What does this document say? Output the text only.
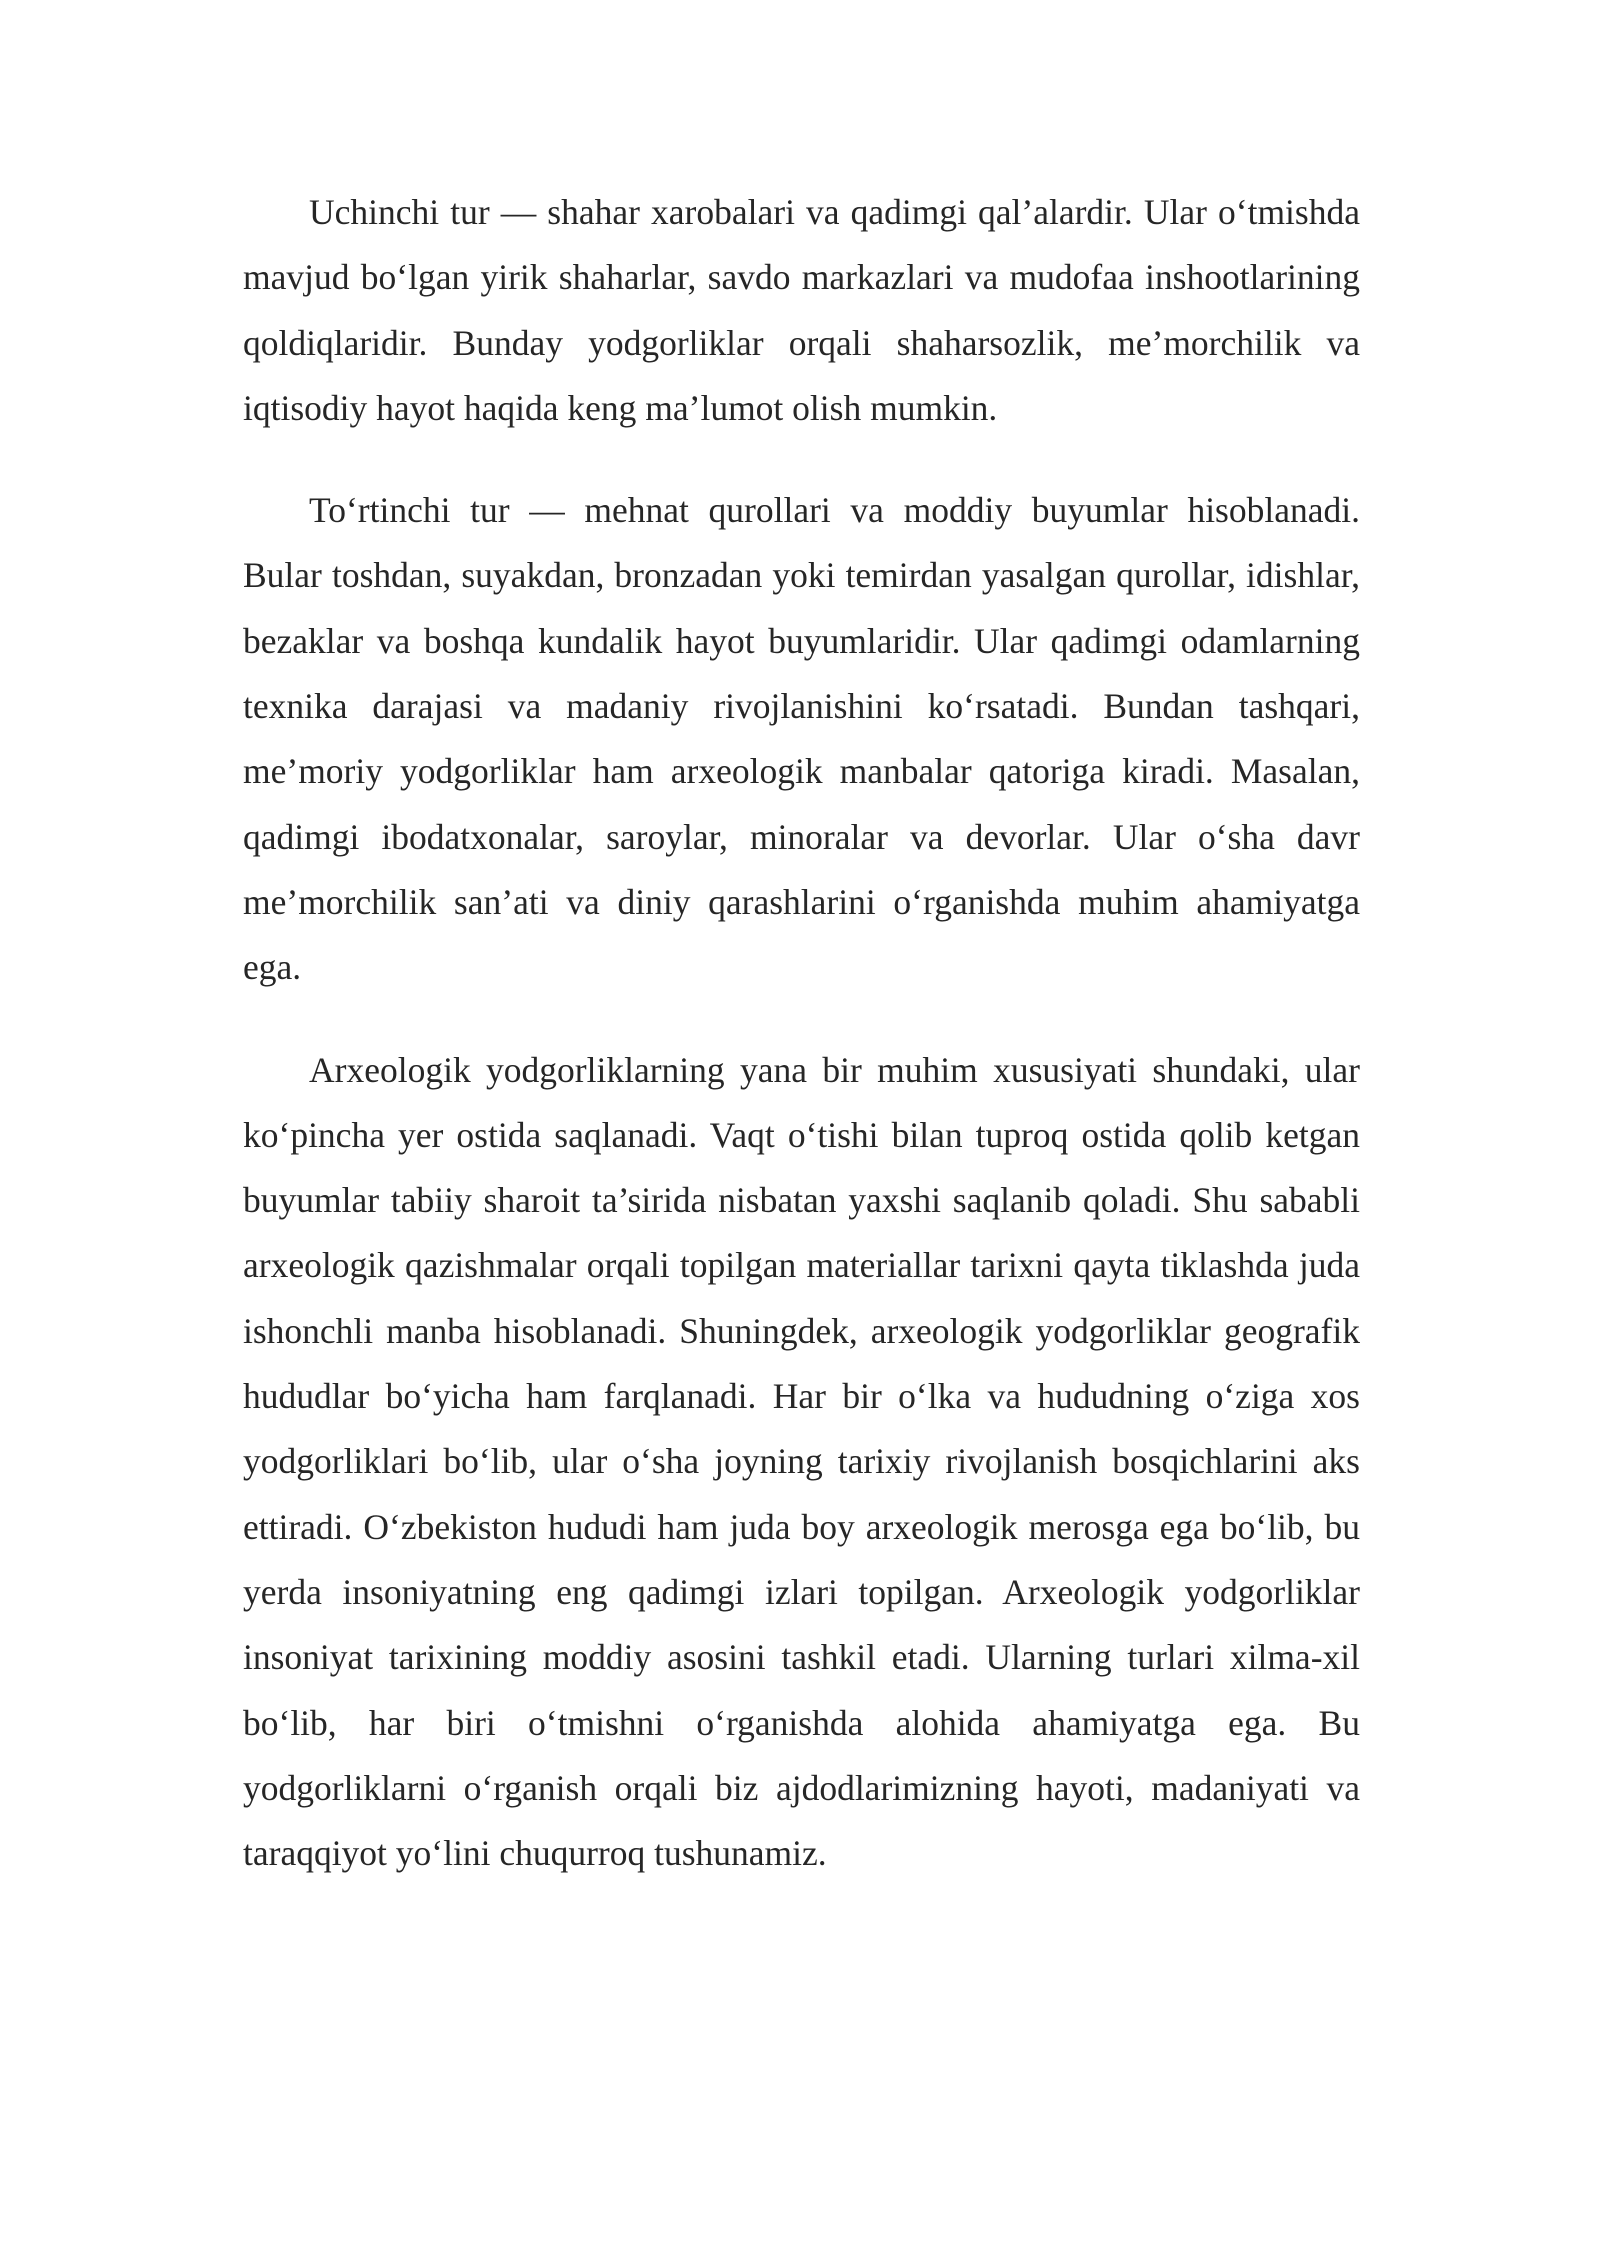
Uchinchi tur — shahar xarobalari va qadimgi qal’alardir. Ular o‘tmishda mavjud bo‘lgan yirik shaharlar, savdo markazlari va mudofaa inshootlarining qoldiqlaridir. Bunday yodgorliklar orqali shaharsozlik, me’morchilik va iqtisodiy hayot haqida keng ma’lumot olish mumkin.

To‘rtinchi tur — mehnat qurollari va moddiy buyumlar hisoblanadi. Bular toshdan, suyakdan, bronzadan yoki temirdan yasalgan qurollar, idishlar, bezaklar va boshqa kundalik hayot buyumlaridir. Ular qadimgi odamlarning texnika darajasi va madaniy rivojlanishini ko‘rsatadi. Bundan tashqari, me’moriy yodgorliklar ham arxeologik manbalar qatoriga kiradi. Masalan, qadimgi ibodatxonalar, saroylar, minoralar va devorlar. Ular o‘sha davr me’morchilik san’ati va diniy qarashlarini o‘rganishda muhim ahamiyatga ega.

Arxeologik yodgorliklarning yana bir muhim xususiyati shundaki, ular ko‘pincha yer ostida saqlanadi. Vaqt o‘tishi bilan tuproq ostida qolib ketgan buyumlar tabiiy sharoit ta’sirida nisbatan yaxshi saqlanib qoladi. Shu sababli arxeologik qazishmalar orqali topilgan materiallar tarixni qayta tiklashda juda ishonchli manba hisoblanadi. Shuningdek, arxeologik yodgorliklar geografik hududlar bo‘yicha ham farqlanadi. Har bir o‘lka va hududning o‘ziga xos yodgorliklari bo‘lib, ular o‘sha joyning tarixiy rivojlanish bosqichlarini aks ettiradi. O‘zbekiston hududi ham juda boy arxeologik merosga ega bo‘lib, bu yerda insoniyatning eng qadimgi izlari topilgan. Arxeologik yodgorliklar insoniyat tarixining moddiy asosini tashkil etadi. Ularning turlari xilma-xil bo‘lib, har biri o‘tmishni o‘rganishda alohida ahamiyatga ega. Bu yodgorliklarni o‘rganish orqali biz ajdodlarimizning hayoti, madaniyati va taraqqiyot yo‘lini chuqurroq tushunamiz.
